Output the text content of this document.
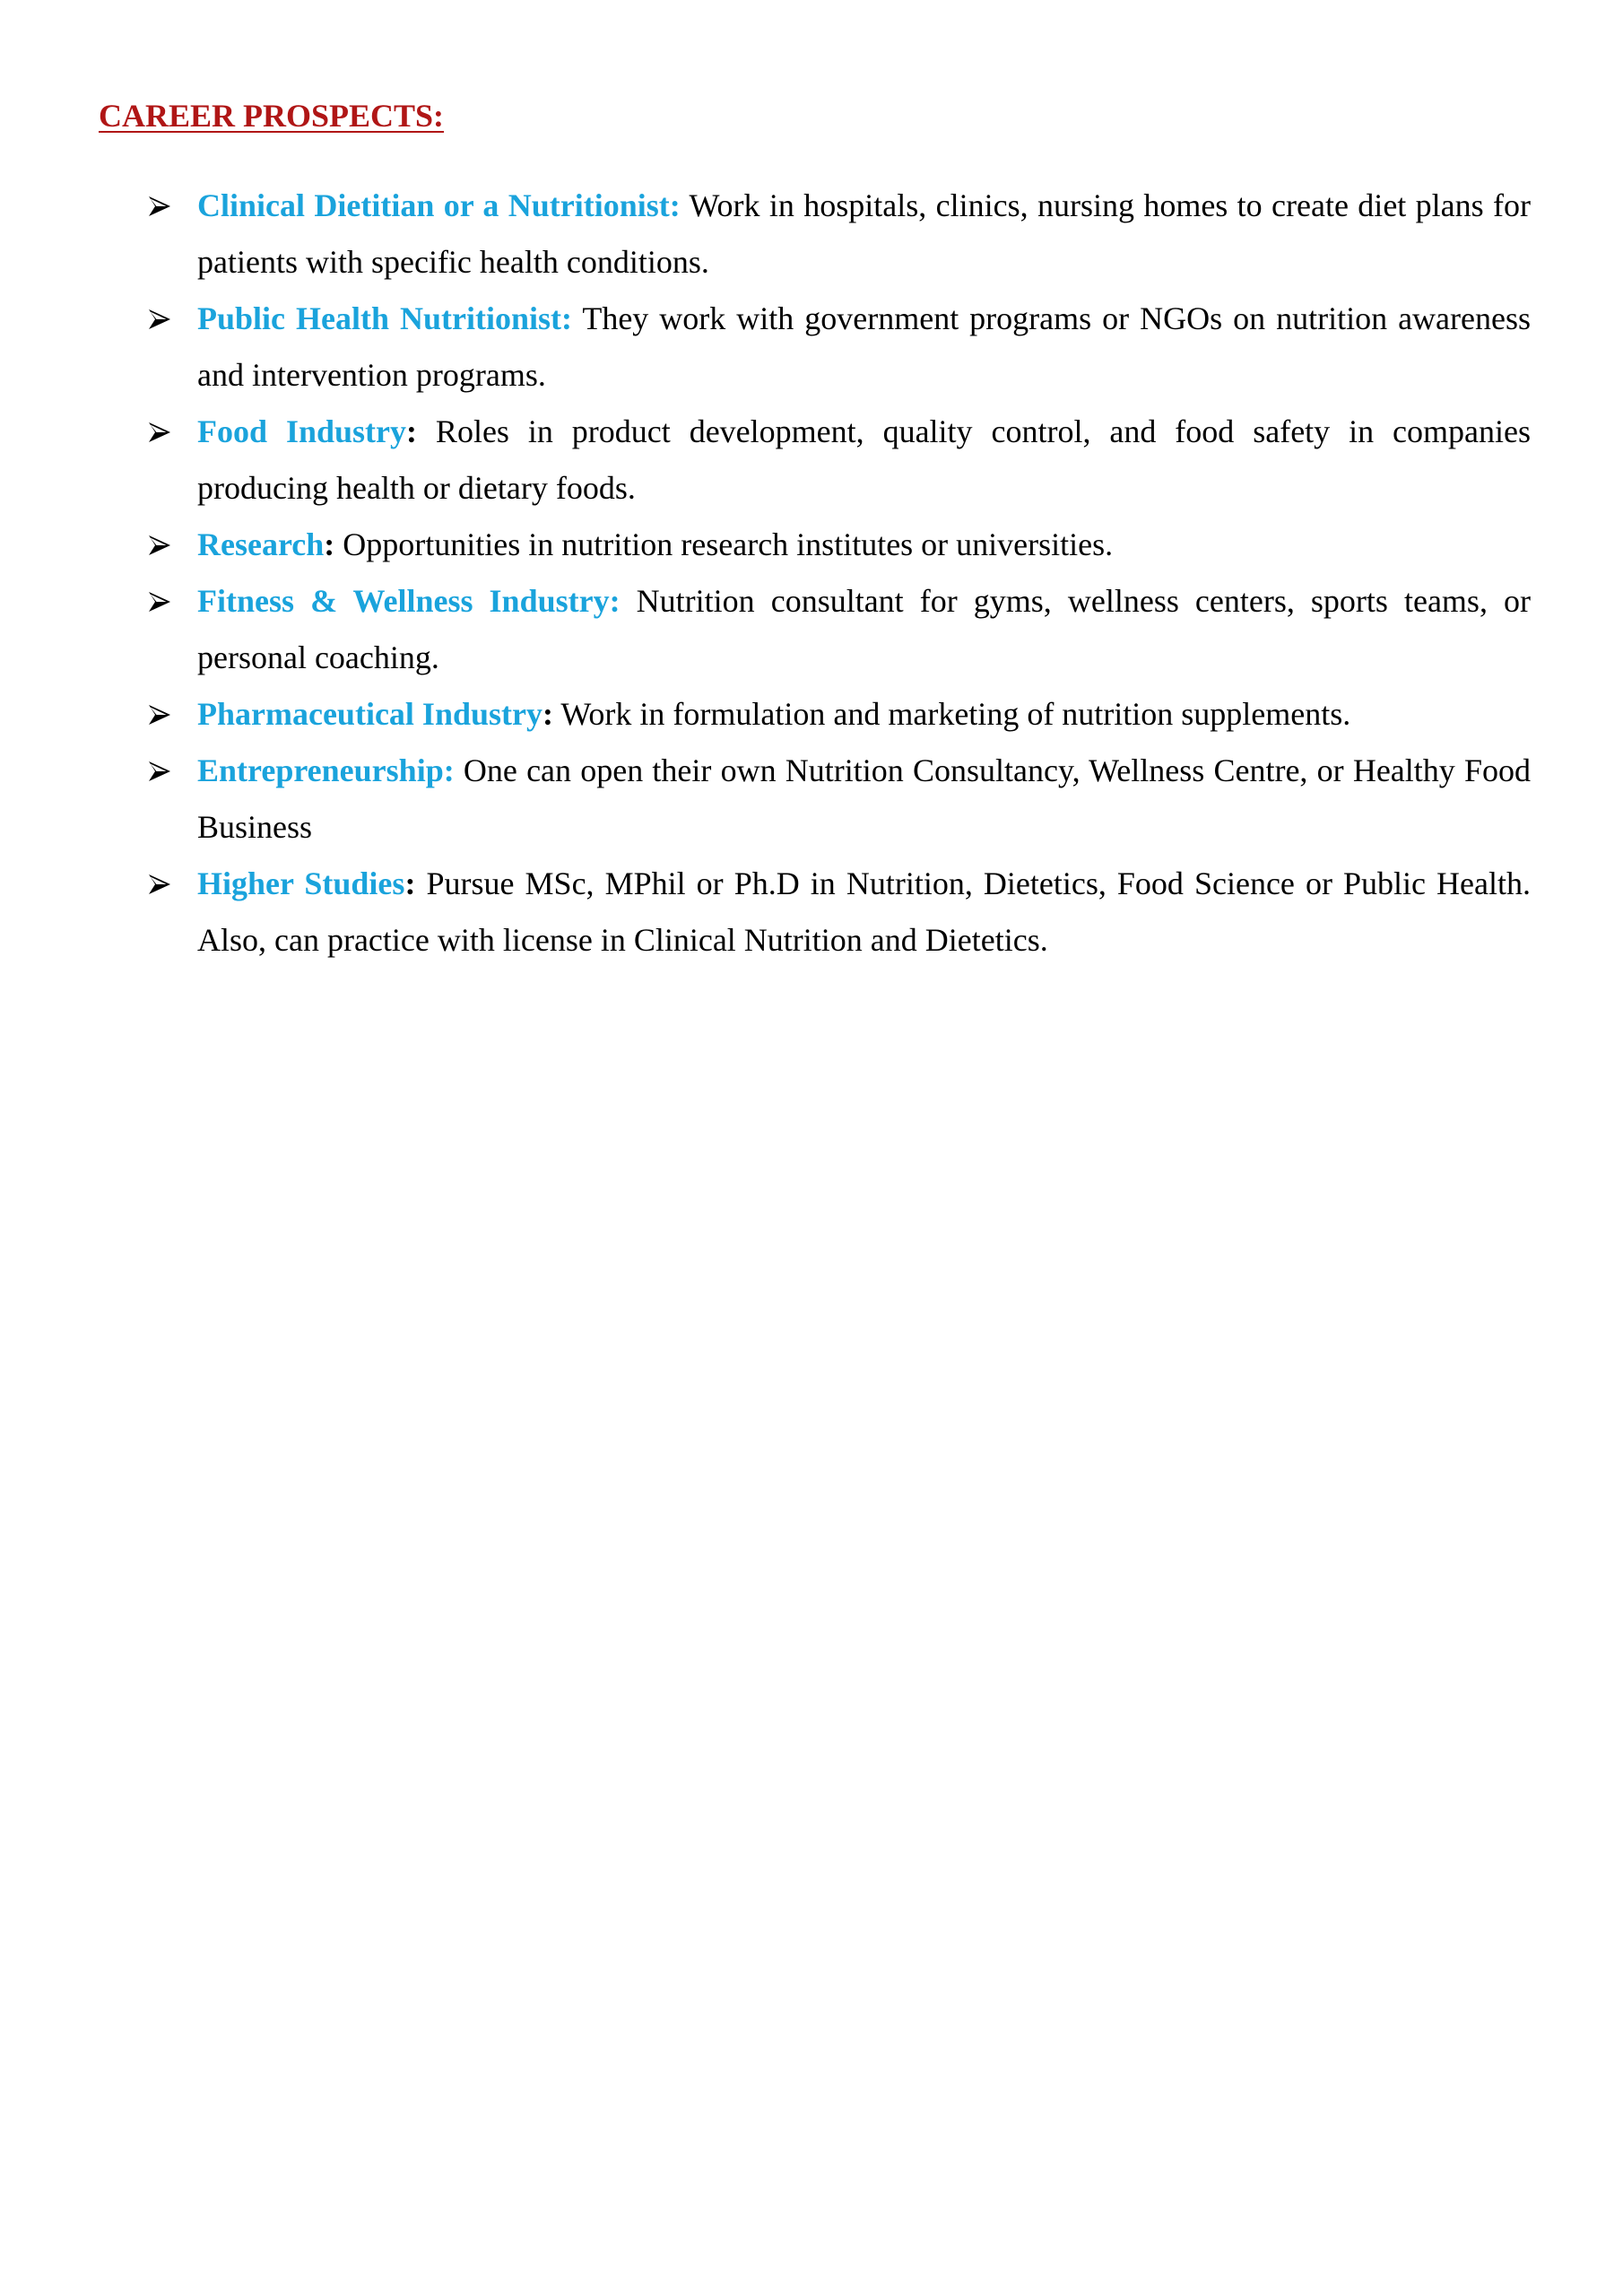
CAREER PROSPECTS:
Clinical Dietitian or a Nutritionist: Work in hospitals, clinics, nursing homes to create diet plans for patients with specific health conditions.
Public Health Nutritionist: They work with government programs or NGOs on nutrition awareness and intervention programs.
Food Industry: Roles in product development, quality control, and food safety in companies producing health or dietary foods.
Research: Opportunities in nutrition research institutes or universities.
Fitness & Wellness Industry: Nutrition consultant for gyms, wellness centers, sports teams, or personal coaching.
Pharmaceutical Industry: Work in formulation and marketing of nutrition supplements.
Entrepreneurship: One can open their own Nutrition Consultancy, Wellness Centre, or Healthy Food Business
Higher Studies: Pursue MSc, MPhil or Ph.D in Nutrition, Dietetics, Food Science or Public Health. Also, can practice with license in Clinical Nutrition and Dietetics.
